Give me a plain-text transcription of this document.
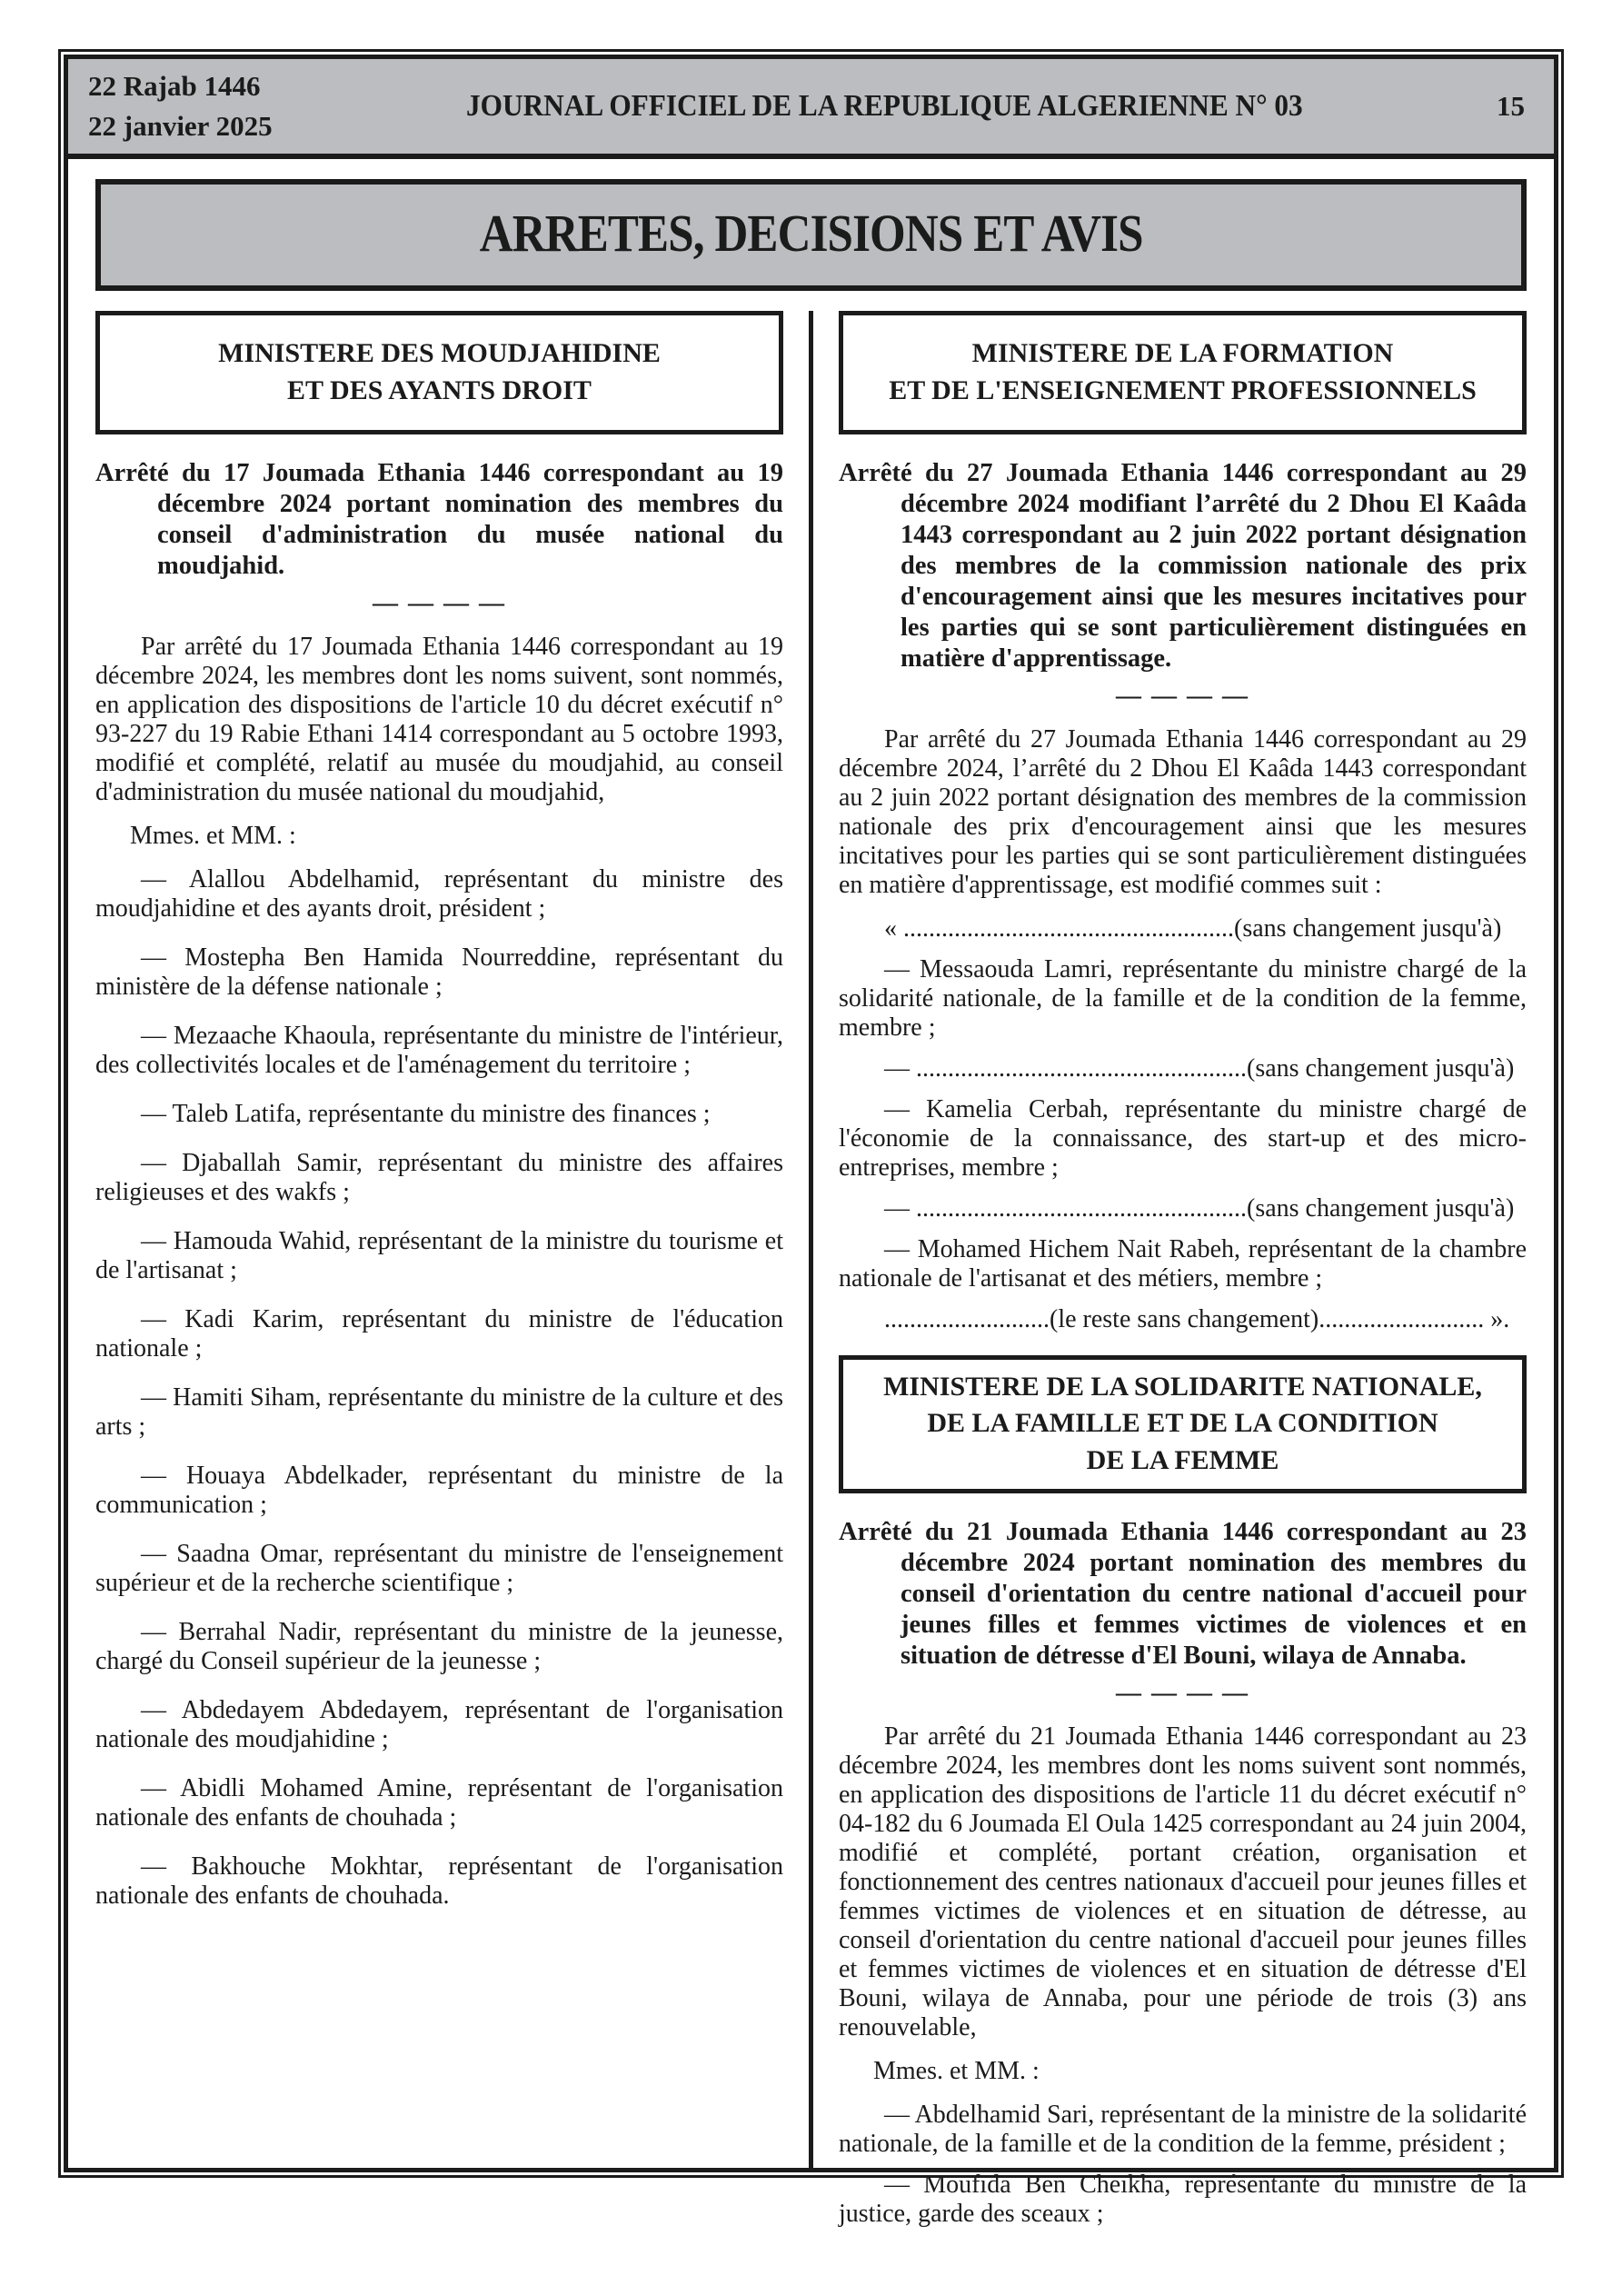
22 Rajab 1446
22 janvier 2025
JOURNAL OFFICIEL DE LA REPUBLIQUE ALGERIENNE N° 03	15
ARRETES, DECISIONS ET AVIS
MINISTERE DES MOUDJAHIDINE
ET DES AYANTS DROIT

Arrêté du 17 Joumada Ethania 1446 correspondant au 19 décembre 2024 portant nomination des membres du conseil d'administration du musée national du moudjahid.

— — — —

Par arrêté du 17 Joumada Ethania 1446 correspondant au 19 décembre 2024, les membres dont les noms suivent, sont nommés, en application des dispositions de l'article 10 du décret exécutif n° 93-227 du 19 Rabie Ethani 1414 correspondant au 5 octobre 1993, modifié et complété, relatif au musée du moudjahid, au conseil d'administration du musée national du moudjahid,

Mmes. et MM. :

— Alallou Abdelhamid, représentant du ministre des moudjahidine et des ayants droit, président ;

— Mostepha Ben Hamida Nourreddine, représentant du ministère de la défense nationale ;

— Mezaache Khaoula, représentante du ministre de l'intérieur, des collectivités locales et de l'aménagement du territoire ;

— Taleb Latifa, représentante du ministre des finances ;

— Djaballah Samir, représentant du ministre des affaires religieuses et des wakfs ;

— Hamouda Wahid, représentant de la ministre du tourisme et de l'artisanat ;

— Kadi Karim, représentant du ministre de l'éducation nationale ;

— Hamiti Siham, représentante du ministre de la culture et des arts ;

— Houaya Abdelkader, représentant du ministre de la communication ;

— Saadna Omar, représentant du ministre de l'enseignement supérieur et de la recherche scientifique ;

— Berrahal Nadir, représentant du ministre de la jeunesse, chargé du Conseil supérieur de la jeunesse ;

— Abdedayem Abdedayem, représentant de l'organisation nationale des moudjahidine ;

— Abidli Mohamed Amine, représentant de l'organisation nationale des enfants de chouhada ;

— Bakhouche Mokhtar, représentant de l'organisation nationale des enfants de chouhada.

MINISTERE DE LA FORMATION
ET DE L'ENSEIGNEMENT PROFESSIONNELS

Arrêté du 27 Joumada Ethania 1446 correspondant au 29 décembre 2024 modifiant l’arrêté du 2 Dhou El Kaâda 1443 correspondant au 2 juin 2022 portant désignation des membres de la commission nationale des prix d'encouragement ainsi que les mesures incitatives pour les parties qui se sont particulièrement distinguées en matière d'apprentissage.

— — — —

Par arrêté du 27 Joumada Ethania 1446 correspondant au 29 décembre 2024, l’arrêté du 2 Dhou El Kaâda 1443 correspondant au 2 juin 2022 portant désignation des membres de la commission nationale des prix d'encouragement ainsi que les mesures incitatives pour les parties qui se sont particulièrement distinguées en matière d'apprentissage, est modifié commes suit :

« ....................................................(sans changement jusqu'à)

— Messaouda Lamri, représentante du ministre chargé de la solidarité nationale, de la famille et de la condition de la femme, membre ;

— ....................................................(sans changement jusqu'à)

— Kamelia Cerbah, représentante du ministre chargé de l'économie de la connaissance, des start-up et des micro-entreprises, membre ;

— ....................................................(sans changement jusqu'à)

— Mohamed Hichem Nait Rabeh, représentant de la chambre nationale de l'artisanat et des métiers, membre ;

..........................(le reste sans changement).......................... ».

MINISTERE DE LA SOLIDARITE NATIONALE,
DE LA FAMILLE ET DE LA CONDITION
DE LA FEMME

Arrêté du 21 Joumada Ethania 1446 correspondant au 23 décembre 2024 portant nomination des membres du conseil d'orientation du centre national d'accueil pour jeunes filles et femmes victimes de violences et en situation de détresse d'El Bouni, wilaya de Annaba.

— — — —

Par arrêté du 21 Joumada Ethania 1446 correspondant au 23 décembre 2024, les membres dont les noms suivent sont nommés, en application des dispositions de l'article 11 du décret exécutif n° 04-182 du 6 Joumada El Oula 1425 correspondant au 24 juin 2004, modifié et complété, portant création, organisation et fonctionnement des centres nationaux d'accueil pour jeunes filles et femmes victimes de violences et en situation de détresse, au conseil d'orientation du centre national d'accueil pour jeunes filles et femmes victimes de violences et en situation de détresse d'El Bouni, wilaya de Annaba, pour une période de trois (3) ans renouvelable,

Mmes. et MM. :

— Abdelhamid Sari, représentant de la ministre de la solidarité nationale, de la famille et de la condition de la femme, président ;

— Moufida Ben Cheikha, représentante du ministre de la justice, garde des sceaux ;
